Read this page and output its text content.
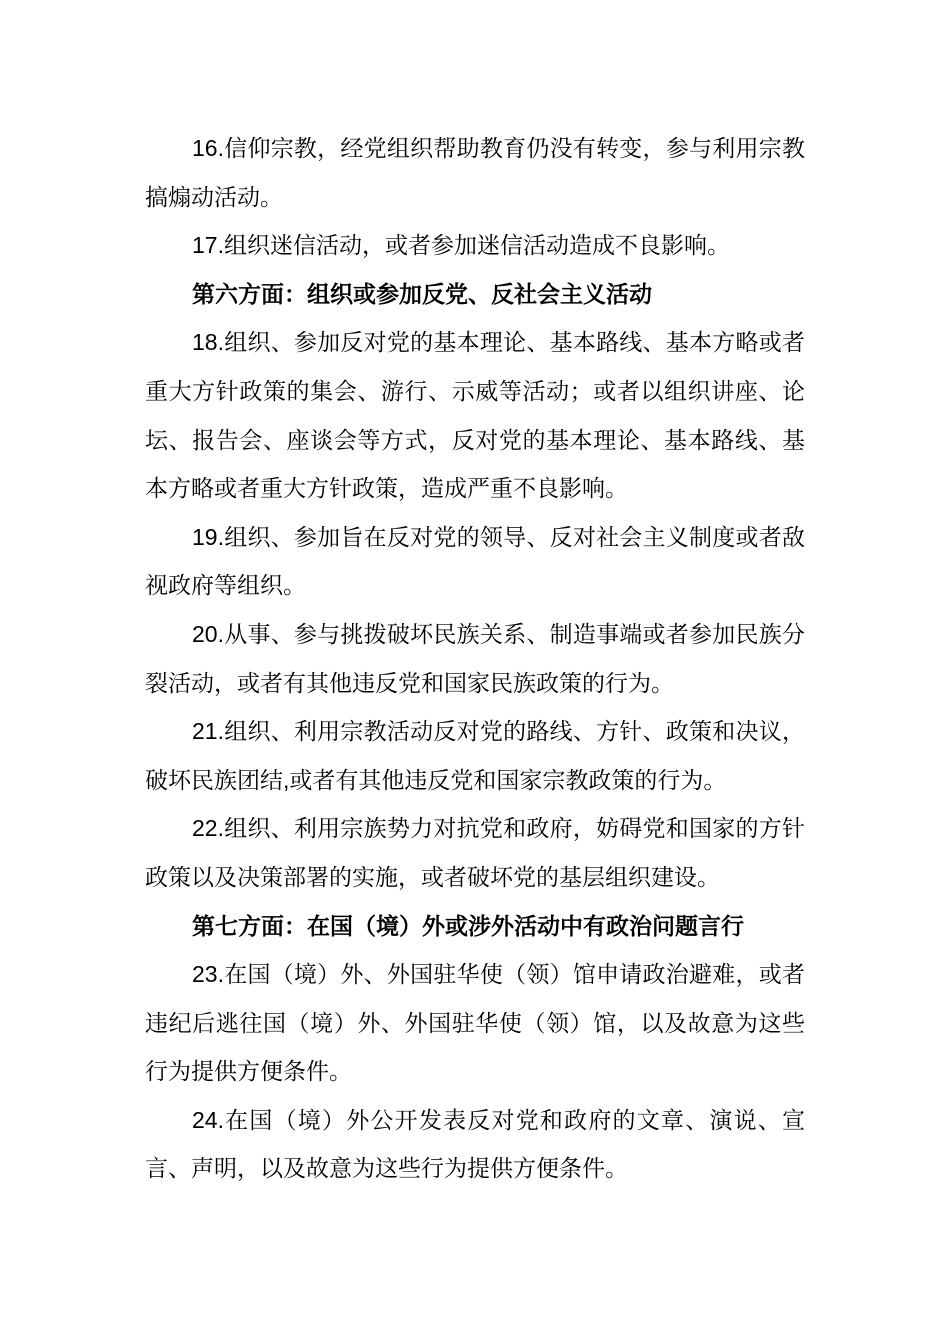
16.信仰宗教，经党组织帮助教育仍没有转变，参与利用宗教搞煽动活动。

17.组织迷信活动，或者参加迷信活动造成不良影响。

第六方面：组织或参加反党、反社会主义活动

18.组织、参加反对党的基本理论、基本路线、基本方略或者重大方针政策的集会、游行、示威等活动；或者以组织讲座、论坛、报告会、座谈会等方式，反对党的基本理论、基本路线、基本方略或者重大方针政策，造成严重不良影响。

19.组织、参加旨在反对党的领导、反对社会主义制度或者敌视政府等组织。

20.从事、参与挑拨破坏民族关系、制造事端或者参加民族分裂活动，或者有其他违反党和国家民族政策的行为。

21.组织、利用宗教活动反对党的路线、方针、政策和决议，破坏民族团结,或者有其他违反党和国家宗教政策的行为。

22.组织、利用宗族势力对抗党和政府，妨碍党和国家的方针政策以及决策部署的实施，或者破坏党的基层组织建设。

第七方面：在国（境）外或涉外活动中有政治问题言行

23.在国（境）外、外国驻华使（领）馆申请政治避难，或者违纪后逃往国（境）外、外国驻华使（领）馆，以及故意为这些行为提供方便条件。

24.在国（境）外公开发表反对党和政府的文章、演说、宣言、声明，以及故意为这些行为提供方便条件。
